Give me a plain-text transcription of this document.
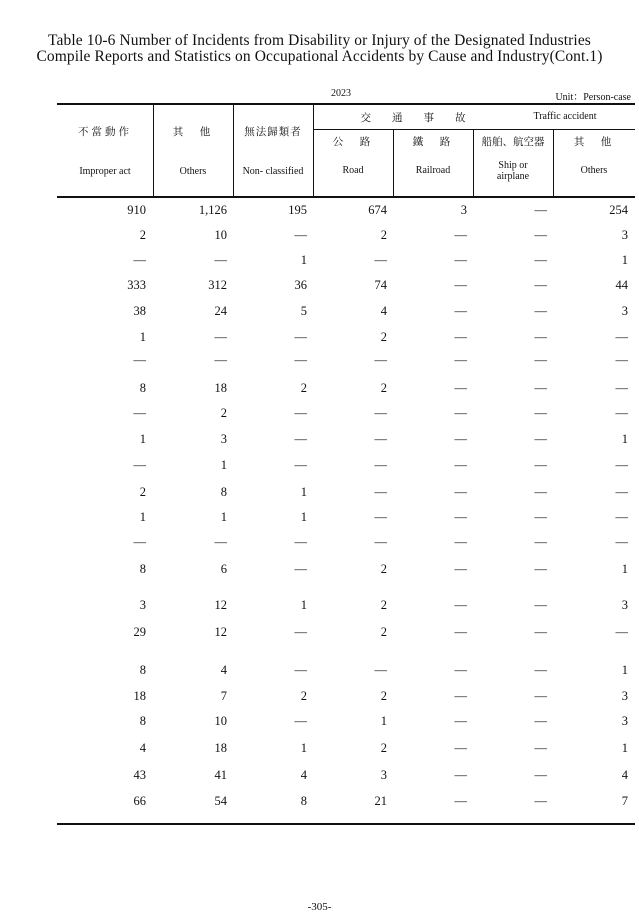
Table 10-6 Number of Incidents from Disability or Injury of the Designated Industries
Compile Reports and Statistics on Occupational Accidents by Cause and Industry(Cont.1)
2023	Unit：Person-case
不當動作
Improper act
其　他
Others
無法歸類者
Non- classified
交　　通　　事　　故	Traffic accident
公　路
Road
鐵　路
Railroad
船舶、航空器
Ship or
airplane
其　他
Others
910	1,126	195	674	3	—	254
2	10	—	2	—	—	3
—	—	1	—	—	—	1
333	312	36	74	—	—	44
38	24	5	4	—	—	3
1	—	—	2	—	—	—
—	—	—	—	—	—	—
8	18	2	2	—	—	—
—	2	—	—	—	—	—
1	3	—	—	—	—	1
—	1	—	—	—	—	—
2	8	1	—	—	—	—
1	1	1	—	—	—	—
—	—	—	—	—	—	—
8	6	—	2	—	—	1
3	12	1	2	—	—	3
29	12	—	2	—	—	—
8	4	—	—	—	—	1
18	7	2	2	—	—	3
8	10	—	1	—	—	3
4	18	1	2	—	—	1
43	41	4	3	—	—	4
66	54	8	21	—	—	7
-305-
